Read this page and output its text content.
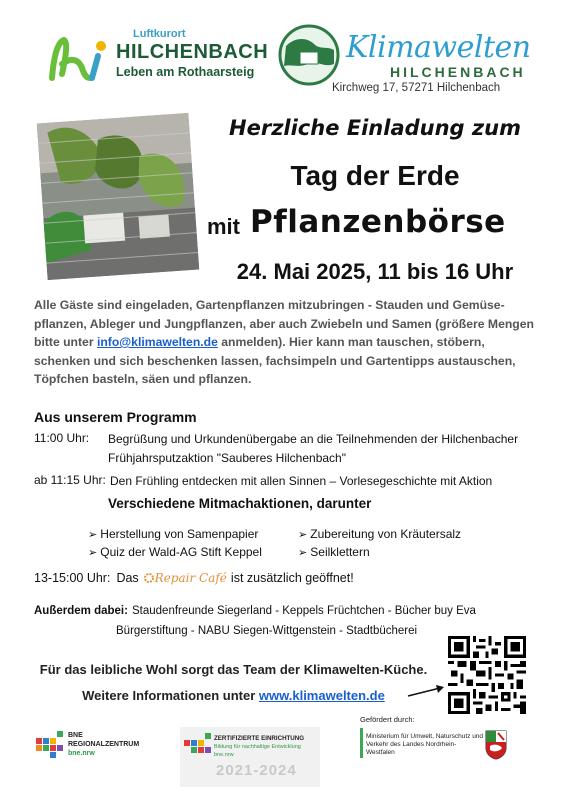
Luftkurort
HILCHENBACH
Leben am Rothaarsteig
Klimawelten
HILCHENBACH
Kirchweg 17, 57271 Hilchenbach
Herzliche Einladung zum
Tag der Erde
mit Pflanzenbörse
24. Mai 2025, 11 bis 16 Uhr
Alle Gäste sind eingeladen, Gartenpflanzen mitzubringen - Stauden und Gemüse-pflanzen, Ableger und Jungpflanzen, aber auch Zwiebeln und Samen (größere Mengen bitte unter info@klimawelten.de anmelden). Hier kann man tauschen, stöbern, schenken und sich beschenken lassen, fachsimpeln und Gartentipps austauschen, Töpfchen basteln, säen und pflanzen.
Aus unserem Programm
11:00 Uhr: Begrüßung und Urkundenübergabe an die Teilnehmenden der Hilchenbacher Frühjahrsputzaktion "Sauberes Hilchenbach"
ab 11:15 Uhr: Den Frühling entdecken mit allen Sinnen – Vorlesegeschichte mit Aktion
Verschiedene Mitmachaktionen, darunter
➢ Herstellung von Samenpapier	➢ Zubereitung von Kräutersalz
➢ Quiz der Wald-AG Stift Keppel	➢ Seilklettern
13-15:00 Uhr: Das Repair Café ist zusätzlich geöffnet!
Außerdem dabei: Staudenfreunde Siegerland - Keppels Früchtchen - Bücher buy Eva
Bürgerstiftung - NABU Siegen-Wittgenstein - Stadtbücherei
Für das leibliche Wohl sorgt das Team der Klimawelten-Küche.
Weitere Informationen unter www.klimawelten.de
BNE
REGIONALZENTRUM
bne.nrw
ZERTIFIZIERTE EINRICHTUNG
Bildung für nachhaltige Entwicklung
bne.nrw
2021-2024
Gefördert durch:
Ministerium für Umwelt, Naturschutz und Verkehr des Landes Nordrhein-Westfalen
